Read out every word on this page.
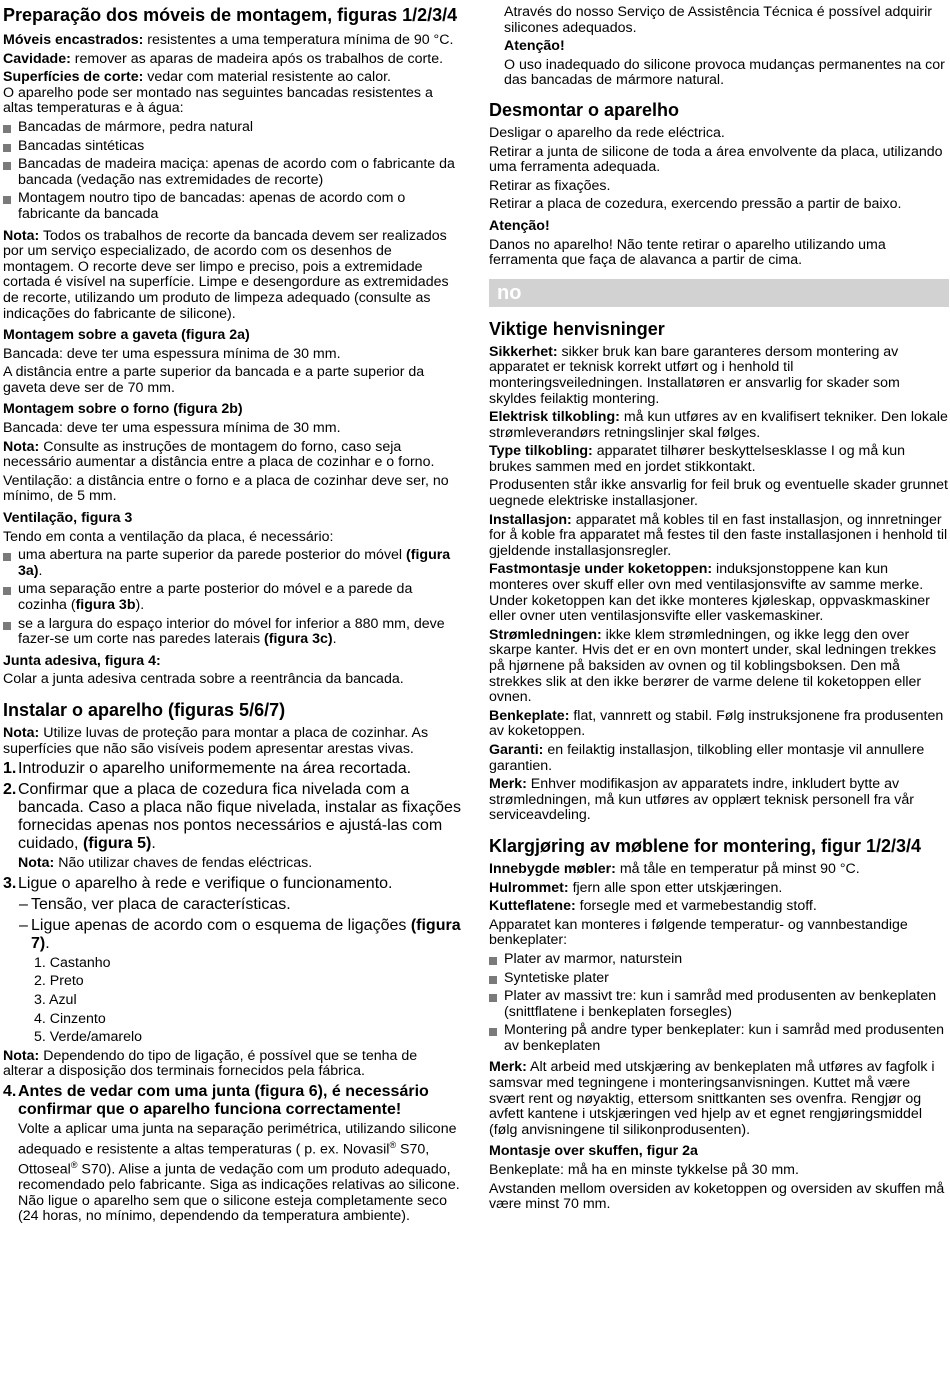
Preparação dos móveis de montagem, figuras 1/2/3/4

Móveis encastrados: resistentes a uma temperatura mínima de 90 °C.

Cavidade: remover as aparas de madeira após os trabalhos de corte.

Superfícies de corte: vedar com material resistente ao calor.

O aparelho pode ser montado nas seguintes bancadas resistentes a altas temperaturas e à água:

Bancadas de mármore, pedra natural
Bancadas sintéticas
Bancadas de madeira maciça: apenas de acordo com o fabricante da bancada (vedação nas extremidades de recorte)
Montagem noutro tipo de bancadas: apenas de acordo com o fabricante da bancada

Nota: Todos os trabalhos de recorte da bancada devem ser realizados por um serviço especializado, de acordo com os desenhos de montagem. O recorte deve ser limpo e preciso, pois a extremidade cortada é visível na superfície. Limpe e desengordure as extremidades de recorte, utilizando um produto de limpeza adequado (consulte as indicações do fabricante de silicone).

Montagem sobre a gaveta (figura 2a)

Bancada: deve ter uma espessura mínima de 30 mm.

A distância entre a parte superior da bancada e a parte superior da gaveta deve ser de 70 mm.

Montagem sobre o forno (figura 2b)

Bancada: deve ter uma espessura mínima de 30 mm.

Nota: Consulte as instruções de montagem do forno, caso seja necessário aumentar a distância entre a placa de cozinhar e o forno.

Ventilação: a distância entre o forno e a placa de cozinhar deve ser, no mínimo, de 5 mm.

Ventilação, figura 3

Tendo em conta a ventilação da placa, é necessário:

uma abertura na parte superior da parede posterior do móvel (figura 3a).
uma separação entre a parte posterior do móvel e a parede da cozinha (figura 3b).
se a largura do espaço interior do móvel for inferior a 880 mm, deve fazer-se um corte nas paredes laterais (figura 3c).

Junta adesiva, figura 4:

Colar a junta adesiva centrada sobre a reentrância da bancada.

Instalar o aparelho (figuras 5/6/7)

Nota: Utilize luvas de proteção para montar a placa de cozinhar. As superfícies que não são visíveis podem apresentar arestas vivas.

1. Introduzir o aparelho uniformemente na área recortada.
2. Confirmar que a placa de cozedura fica nivelada com a bancada. Caso a placa não fique nivelada, instalar as fixações fornecidas apenas nos pontos necessários e ajustá-las com cuidado, (figura 5).

Nota: Não utilizar chaves de fendas eléctricas.

3. Ligue o aparelho à rede e verifique o funcionamento.
– Tensão, ver placa de características.
– Ligue apenas de acordo com o esquema de ligações (figura 7).

1. Castanho

2. Preto

3. Azul

4. Cinzento

5. Verde/amarelo

Nota: Dependendo do tipo de ligação, é possível que se tenha de alterar a disposição dos terminais fornecidos pela fábrica.

4. Antes de vedar com uma junta (figura 6), é necessário confirmar que o aparelho funciona correctamente!

Volte a aplicar uma junta na separação perimétrica, utilizando silicone adequado e resistente a altas temperaturas ( p. ex. Novasil® S70, Ottoseal® S70). Alise a junta de vedação com um produto adequado, recomendado pelo fabricante. Siga as indicações relativas ao silicone. Não ligue o aparelho sem que o silicone esteja completamente seco (24 horas, no mínimo, dependendo da temperatura ambiente).

Através do nosso Serviço de Assistência Técnica é possível adquirir silicones adequados.

Atenção!

O uso inadequado do silicone provoca mudanças permanentes na cor das bancadas de mármore natural.

Desmontar o aparelho

Desligar o aparelho da rede eléctrica.

Retirar a junta de silicone de toda a área envolvente da placa, utilizando uma ferramenta adequada.

Retirar as fixações.

Retirar a placa de cozedura, exercendo pressão a partir de baixo.

Atenção!

Danos no aparelho! Não tente retirar o aparelho utilizando uma ferramenta que faça de alavanca a partir de cima.

no

Viktige henvisninger

Sikkerhet: sikker bruk kan bare garanteres dersom montering av apparatet er teknisk korrekt utført og i henhold til monteringsveiledningen. Installatøren er ansvarlig for skader som skyldes feilaktig montering.

Elektrisk tilkobling: må kun utføres av en kvalifisert tekniker. Den lokale strømleverandørs retningslinjer skal følges.

Type tilkobling: apparatet tilhører beskyttelsesklasse I og må kun brukes sammen med en jordet stikkontakt.

Produsenten står ikke ansvarlig for feil bruk og eventuelle skader grunnet uegnede elektriske installasjoner.

Installasjon: apparatet må kobles til en fast installasjon, og innretninger for å koble fra apparatet må festes til den faste installasjonen i henhold til gjeldende installasjonsregler.

Fastmontasje under koketoppen: induksjonstoppene kan kun monteres over skuff eller ovn med ventilasjonsvifte av samme merke. Under koketoppen kan det ikke monteres kjøleskap, oppvaskmaskiner eller ovner uten ventilasjonsvifte eller vaskemaskiner.

Strømledningen: ikke klem strømledningen, og ikke legg den over skarpe kanter. Hvis det er en ovn montert under, skal ledningen trekkes på hjørnene på baksiden av ovnen og til koblingsboksen. Den må strekkes slik at den ikke berører de varme delene til koketoppen eller ovnen.

Benkeplate: flat, vannrett og stabil. Følg instruksjonene fra produsenten av koketoppen.

Garanti: en feilaktig installasjon, tilkobling eller montasje vil annullere garantien.

Merk: Enhver modifikasjon av apparatets indre, inkludert bytte av strømledningen, må kun utføres av opplært teknisk personell fra vår serviceavdeling.

Klargjøring av møblene for montering, figur 1/2/3/4

Innebygde møbler: må tåle en temperatur på minst 90 °C.

Hulrommet: fjern alle spon etter utskjæringen.

Kutteflatene: forsegle med et varmebestandig stoff.

Apparatet kan monteres i følgende temperatur- og vannbestandige benkeplater:

Plater av marmor, naturstein
Syntetiske plater
Plater av massivt tre: kun i samråd med produsenten av benkeplaten (snittflatene i benkeplaten forsegles)
Montering på andre typer benkeplater: kun i samråd med produsenten av benkeplaten

Merk: Alt arbeid med utskjæring av benkeplaten må utføres av fagfolk i samsvar med tegningene i monteringsanvisningen. Kuttet må være svært rent og nøyaktig, ettersom snittkanten ses ovenfra. Rengjør og avfett kantene i utskjæringen ved hjelp av et egnet rengjøringsmiddel (følg anvisningene til silikonprodusenten).

Montasje over skuffen, figur 2a

Benkeplate: må ha en minste tykkelse på 30 mm.

Avstanden mellom oversiden av koketoppen og oversiden av skuffen må være minst 70 mm.
